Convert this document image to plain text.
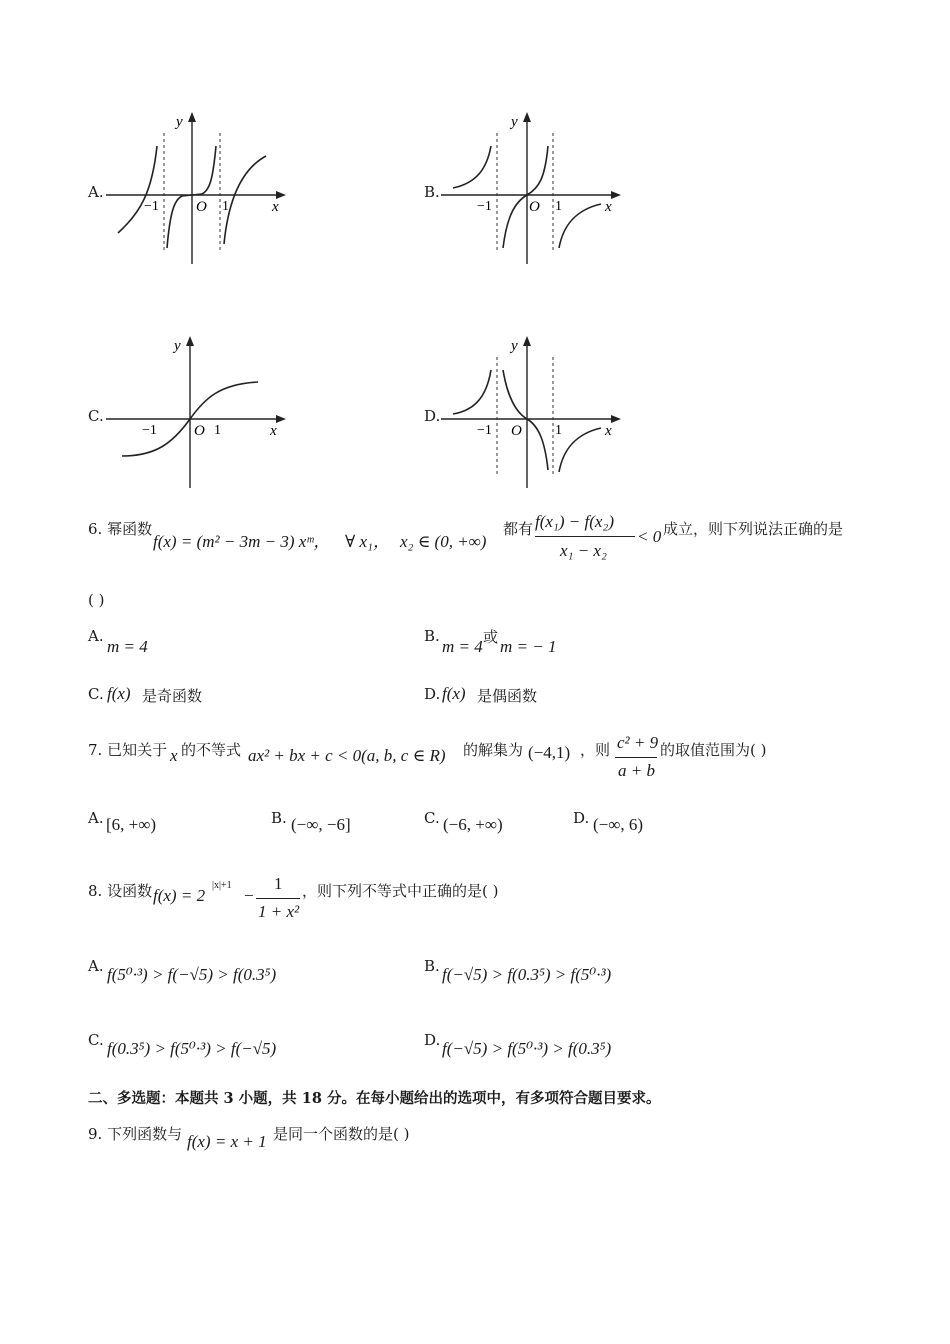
A.
y
x
O
−1	1
B.
y
x
O
−1	1
C.
y
x
O
−1	1
D.
y
x
O
−1	1
6. 幂函数
f(x) = (m² − 3m − 3) xᵐ， ∀ x₁， x₂ ∈ (0, +∞)
都有 f(x₁) − f(x₂)
x₁ − x₂
< 0 成立，则下列说法正确的是
( )
A.
m = 4
B.
m = 4 或 m = − 1
C. f(x) 是奇函数	D. f(x) 是偶函数
7. 已知关于 x 的不等式 ax² + bx + c < 0(a, b, c ∈ R) 的解集为 (−4,1) ，则 c² + 9
a + b
的取值范围为( )
A. [6, +∞)	B. (−∞, −6]	C. (−6, +∞)	D. (−∞, 6)
8. 设函数 f(x) = 2
|x|+1
−
1
1 + x²
，则下列不等式中正确的是( )
A. f(5⁰·³) > f(−√5) > f(0.3⁵)	B. f(−√5) > f(0.3⁵) > f(5⁰·³)
C. f(0.3⁵) > f(5⁰·³) > f(−√5)	D. f(−√5) > f(5⁰·³) > f(0.3⁵)
二、多选题：本题共 3 小题，共 18 分。在每小题给出的选项中，有多项符合题目要求。
9. 下列函数与 f(x) = x + 1 是同一个函数的是( )
